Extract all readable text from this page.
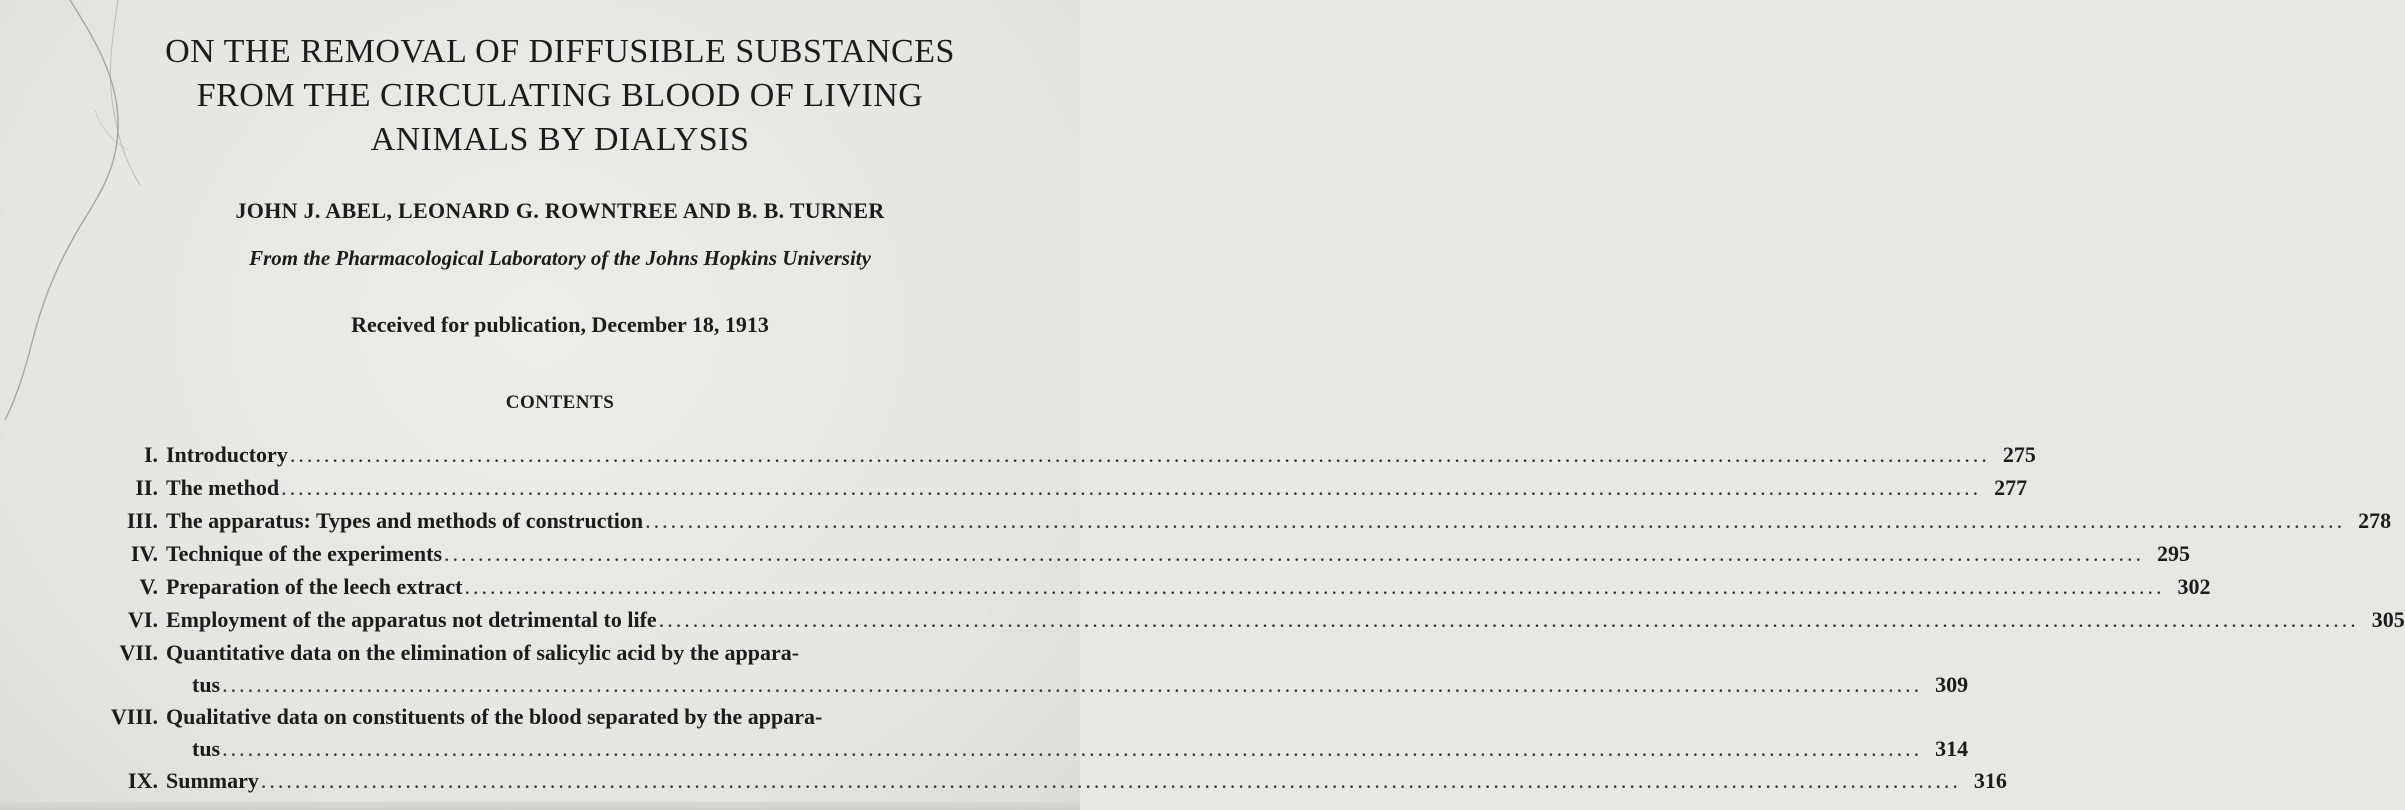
ON THE REMOVAL OF DIFFUSIBLE SUBSTANCES
FROM THE CIRCULATING BLOOD OF LIVING
ANIMALS BY DIALYSIS
JOHN J. ABEL, LEONARD G. ROWNTREE AND B. B. TURNER
From the Pharmacological Laboratory of the Johns Hopkins University
Received for publication, December 18, 1913
CONTENTS
I. Introductory ........................................................................................................................................................................................................ 275
II. The method ........................................................................................................................................................................................................ 277
III. The apparatus: Types and methods of construction ........................................................................................................................................................................................................ 278
IV. Technique of the experiments ........................................................................................................................................................................................................ 295
V. Preparation of the leech extract ........................................................................................................................................................................................................ 302
VI. Employment of the apparatus not detrimental to life ........................................................................................................................................................................................................ 305
VII. Quantitative data on the elimination of salicylic acid by the appara-
tus ........................................................................................................................................................................................................ 309
VIII. Qualitative data on constituents of the blood separated by the appara-
tus ........................................................................................................................................................................................................ 314
IX. Summary ........................................................................................................................................................................................................ 316
